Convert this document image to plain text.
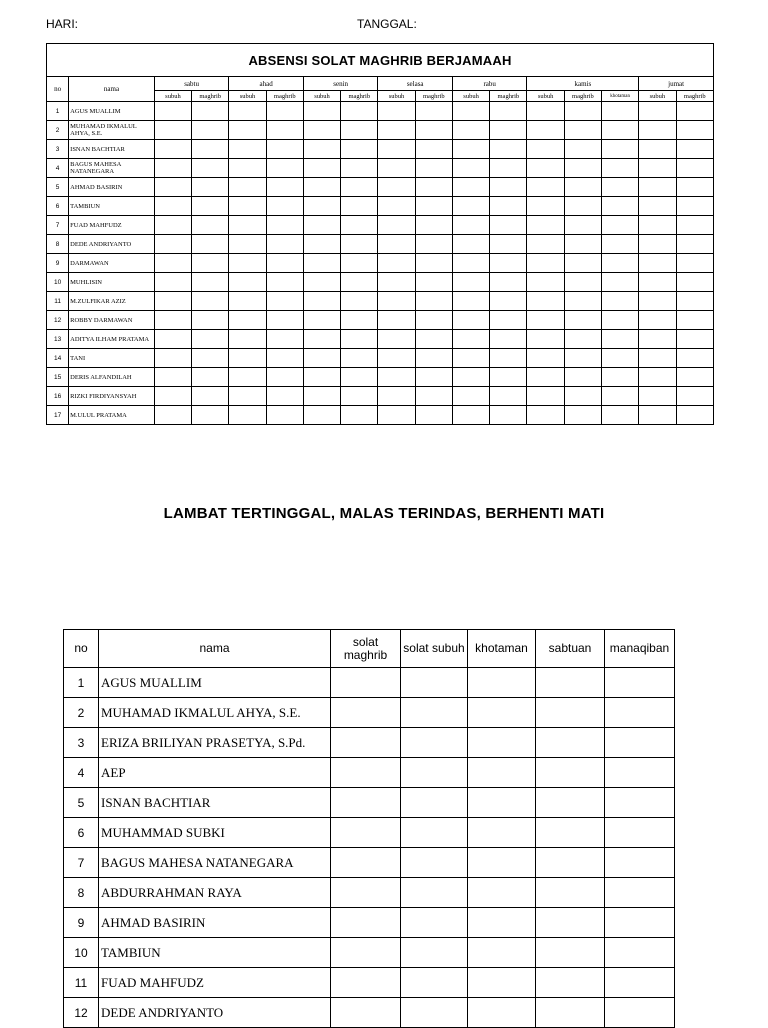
HARI:	TANGGAL:
ABSENSI SOLAT MAGHRIB BERJAMAAH
no	nama	sabtu		ahad		senin		selasa		rabu		kamis			jumat	
		subuh	maghrib	subuh	maghrib	subuh	maghrib	subuh	maghrib	subuh	maghrib	subuh	maghrib	khotaman	subuh	maghrib
1	AGUS MUALLIM															
2	MUHAMAD IKMALUL AHYA, S.E.															
3	ISNAN BACHTIAR															
4	BAGUS MAHESA NATANEGARA															
5	AHMAD BASIRIN															
6	TAMBIUN															
7	FUAD MAHFUDZ															
8	DEDE ANDRIYANTO															
9	DARMAWAN															
10	MUHLISIN															
11	M.ZULFIKAR AZIZ															
12	ROBBY DARMAWAN															
13	ADITYA ILHAM PRATAMA															
14	TANI															
15	DERIS ALFANDILAH															
16	RIZKI FIRDIYANSYAH															
17	M.ULUL PRATAMA															
LAMBAT TERTINGGAL, MALAS TERINDAS, BERHENTI MATI
no	nama	solat maghrib	solat subuh	khotaman	sabtuan	manaqiban
1	AGUS MUALLIM					
2	MUHAMAD IKMALUL AHYA, S.E.					
3	ERIZA BRILIYAN PRASETYA, S.Pd.					
4	AEP					
5	ISNAN BACHTIAR					
6	MUHAMMAD SUBKI					
7	BAGUS MAHESA NATANEGARA					
8	ABDURRAHMAN RAYA					
9	AHMAD BASIRIN					
10	TAMBIUN					
11	FUAD MAHFUDZ					
12	DEDE ANDRIYANTO					
